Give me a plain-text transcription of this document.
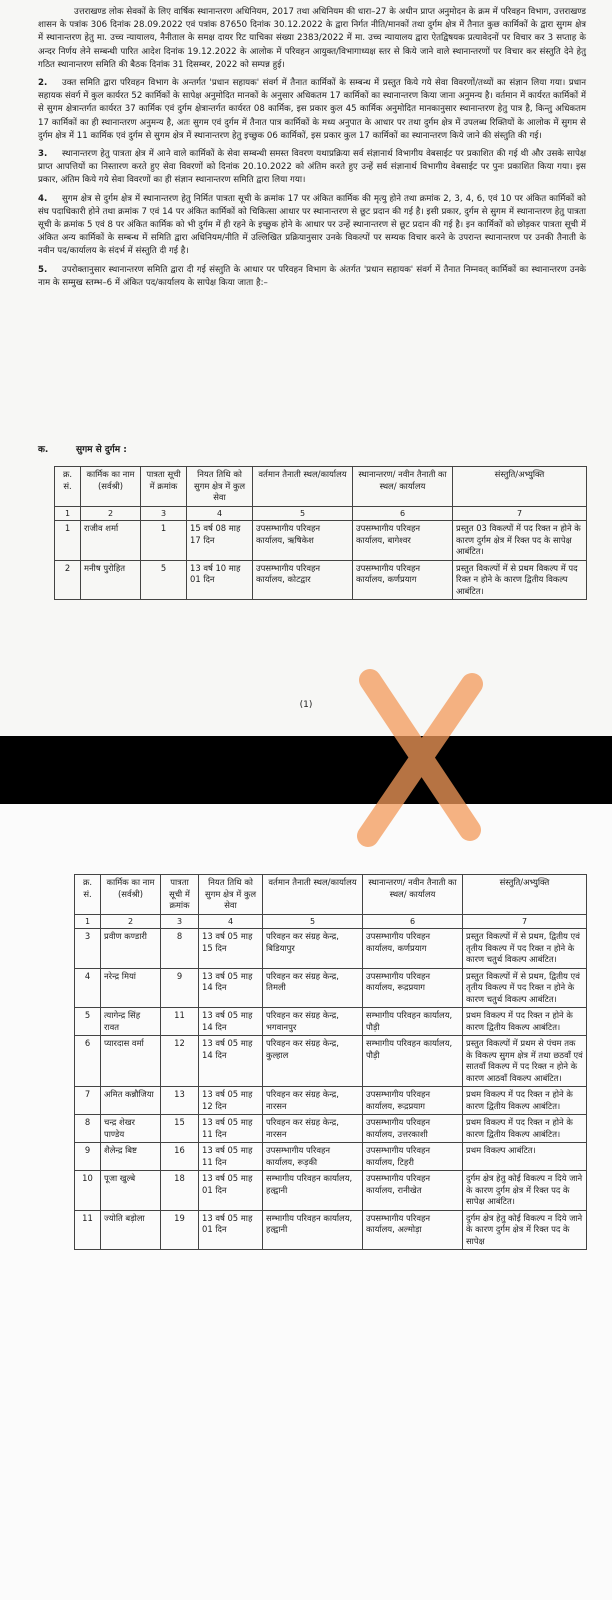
उत्तराखण्ड लोक सेवकों के लिए वार्षिक स्थानान्तरण अधिनियम, 2017 तथा अधिनियम की धारा–27 के अधीन प्राप्त अनुमोदन के क्रम में परिवहन विभाग, उत्तराखण्ड शासन के पत्रांक 306 दिनांक 28.09.2022 एवं पत्रांक 87650 दिनांक 30.12.2022 के द्वारा निर्गत नीति/मानकों तथा दुर्गम क्षेत्र में तैनात कुछ कार्मिकों के द्वारा सुगम क्षेत्र में स्थानान्तरण हेतु मा. उच्च न्यायालय, नैनीताल के समक्ष दायर रिट याचिका संख्या 2383/2022 में मा. उच्च न्यायालय द्वारा ऐतद्विषयक प्रत्यावेदनों पर विचार कर 3 सप्ताह के अन्दर निर्णय लेने सम्बन्धी पारित आदेश दिनांक 19.12.2022 के आलोक में परिवहन आयुक्त/विभागाध्यक्ष स्तर से किये जाने वाले स्थानान्तरणों पर विचार कर संस्तुति देने हेतु गठित स्थानान्तरण समिति की बैठक दिनांक 31 दिसम्बर, 2022 को सम्पन्न हुई।

2. उक्त समिति द्वारा परिवहन विभाग के अन्तर्गत 'प्रधान सहायक' संवर्ग में तैनात कार्मिकों के सम्बन्ध में प्रस्तुत किये गये सेवा विवरणों/तथ्यों का संज्ञान लिया गया। प्रधान सहायक संवर्ग में कुल कार्यरत 52 कार्मिकों के सापेक्ष अनुमोदित मानकों के अनुसार अधिकतम 17 कार्मिकों का स्थानान्तरण किया जाना अनुमन्य है। वर्तमान में कार्यरत कार्मिकों में से सुगम क्षेत्रान्तर्गत कार्यरत 37 कार्मिक एवं दुर्गम क्षेत्रान्तर्गत कार्यरत 08 कार्मिक, इस प्रकार कुल 45 कार्मिक अनुमोदित मानकानुसार स्थानान्तरण हेतु पात्र है, किन्तु अधिकतम 17 कार्मिकों का ही स्थानान्तरण अनुमन्य है, अतः सुगम एवं दुर्गम में तैनात पात्र कार्मिकों के मध्य अनुपात के आधार पर तथा दुर्गम क्षेत्र में उपलब्ध रिक्तियों के आलोक में सुगम से दुर्गम क्षेत्र में 11 कार्मिक एवं दुर्गम से सुगम क्षेत्र में स्थानान्तरण हेतु इच्छुक 06 कार्मिकों, इस प्रकार कुल 17 कार्मिकों का स्थानान्तरण किये जाने की संस्तुति की गई।

3. स्थानान्तरण हेतु पात्रता क्षेत्र में आने वाले कार्मिकों के सेवा सम्बन्धी समस्त विवरण यथाप्रक्रिया सर्व संज्ञानार्थ विभागीय वेबसाईट पर प्रकाशित की गई थी और उसके सापेक्ष प्राप्त आपत्तियों का निस्तारण करते हुए सेवा विवरणों को दिनांक 20.10.2022 को अंतिम करते हुए उन्हें सर्व संज्ञानार्थ विभागीय वेबसाईट पर पुनः प्रकाशित किया गया। इस प्रकार, अंतिम किये गये सेवा विवरणों का ही संज्ञान स्थानान्तरण समिति द्वारा लिया गया।

4. सुगम क्षेत्र से दुर्गम क्षेत्र में स्थानान्तरण हेतु निर्मित पात्रता सूची के क्रमांक 17 पर अंकित कार्मिक की मृत्यु होने तथा क्रमांक 2, 3, 4, 6, एवं 10 पर अंकित कार्मिकों को संघ पदाधिकारी होने तथा क्रमांक 7 एवं 14 पर अंकित कार्मिकों को चिकित्सा आधार पर स्थानान्तरण से छूट प्रदान की गई है। इसी प्रकार, दुर्गम से सुगम में स्थानान्तरण हेतु पात्रता सूची के क्रमांक 5 एवं 8 पर अंकित कार्मिक को भी दुर्गम में ही रहने के इच्छुक होने के आधार पर उन्हें स्थानान्तरण से छूट प्रदान की गई है। इन कार्मिकों को छोड़कर पात्रता सूची में अंकित अन्य कार्मिकों के सम्बन्ध में समिति द्वारा अधिनियम/नीति में उल्लिखित प्रक्रियानुसार उनके विकल्पों पर सम्यक विचार करने के उपरान्त स्थानान्तरण पर उनकी तैनाती के नवीन पद/कार्यालय के संदर्भ में संस्तुति दी गई है।

5. उपरोक्तानुसार स्थानान्तरण समिति द्वारा दी गई संस्तुति के आधार पर परिवहन विभाग के अंतर्गत 'प्रधान सहायक' संवर्ग में तैनात निम्नवत् कार्मिकों का स्थानान्तरण उनके नाम के सम्मुख स्तम्भ–6 में अंकित पद/कार्यालय के सापेक्ष किया जाता है:–

क.	सुगम से दुर्गम :
क्र. सं.	कार्मिक का नाम (सर्वश्री)	पात्रता सूची में क्रमांक	नियत तिथि को सुगम क्षेत्र में कुल सेवा	वर्तमान तैनाती स्थल/कार्यालय	स्थानान्तरण/ नवीन तैनाती का स्थल/ कार्यालय	संस्तुति/अभ्युक्ति
1	2	3	4	5	6	7
1	राजीव शर्मा	1	15 वर्ष 08 माह 17 दिन	उपसम्भागीय परिवहन कार्यालय, ऋषिकेश	उपसम्भागीय परिवहन कार्यालय, बागेश्वर	प्रस्तुत 03 विकल्पों में पद रिक्त न होने के कारण दुर्गम क्षेत्र में रिक्त पद के सापेक्ष आबंटित।
2	मनीष पुरोहित	5	13 वर्ष 10 माह 01 दिन	उपसम्भागीय परिवहन कार्यालय, कोटद्वार	उपसम्भागीय परिवहन कार्यालय, कर्णप्रयाग	प्रस्तुत विकल्पों में से प्रथम विकल्प में पद रिक्त न होने के कारण द्वितीय विकल्प आबंटित।
(1)
क्र. सं.	कार्मिक का नाम (सर्वश्री)	पात्रता सूची में क्रमांक	नियत तिथि को सुगम क्षेत्र में कुल सेवा	वर्तमान तैनाती स्थल/कार्यालय	स्थानान्तरण/ नवीन तैनाती का स्थल/ कार्यालय	संस्तुति/अभ्युक्ति
1	2	3	4	5	6	7
3	प्रवीण कण्डारी	8	13 वर्ष 05 माह 15 दिन	परिवहन कर संग्रह केन्द्र, बिडियापुर	उपसम्भागीय परिवहन कार्यालय, कर्णप्रयाग	प्रस्तुत विकल्पों में से प्रथम, द्वितीय एवं तृतीय विकल्प में पद रिक्त न होने के कारण चतुर्थ विकल्प आबंटित।
4	नरेन्द्र मियां	9	13 वर्ष 05 माह 14 दिन	परिवहन कर संग्रह केन्द्र, तिमली	उपसम्भागीय परिवहन कार्यालय, रूद्रप्रयाग	प्रस्तुत विकल्पों में से प्रथम, द्वितीय एवं तृतीय विकल्प में पद रिक्त न होने के कारण चतुर्थ विकल्प आबंटित।
5	त्यागेन्द्र सिंह रावत	11	13 वर्ष 05 माह 14 दिन	परिवहन कर संग्रह केन्द्र, भगवानपुर	सम्भागीय परिवहन कार्यालय, पौड़ी	प्रथम विकल्प में पद रिक्त न होने के कारण द्वितीय विकल्प आबंटित।
6	प्यारदास वर्मा	12	13 वर्ष 05 माह 14 दिन	परिवहन कर संग्रह केन्द्र, कुल्हाल	सम्भागीय परिवहन कार्यालय, पौड़ी	प्रस्तुत विकल्पों में प्रथम से पंचम तक के विकल्प सुगम क्षेत्र में तथा छठवाँ एवं सातवाँ विकल्प में पद रिक्त न होने के कारण आठवाँ विकल्प आबंटित।
7	अमित कन्नौजिया	13	13 वर्ष 05 माह 12 दिन	परिवहन कर संग्रह केन्द्र, नारसन	उपसम्भागीय परिवहन कार्यालय, रूद्रप्रयाग	प्रथम विकल्प में पद रिक्त न होने के कारण द्वितीय विकल्प आबंटित।
8	चन्द्र शेखर पाण्डेय	15	13 वर्ष 05 माह 11 दिन	परिवहन कर संग्रह केन्द्र, नारसन	उपसम्भागीय परिवहन कार्यालय, उत्तरकाशी	प्रथम विकल्प में पद रिक्त न होने के कारण द्वितीय विकल्प आबंटित।
9	शैलेन्द्र बिष्ट	16	13 वर्ष 05 माह 11 दिन	उपसम्भागीय परिवहन कार्यालय, रूड़की	उपसम्भागीय परिवहन कार्यालय, टिहरी	प्रथम विकल्प आबंटित।
10	पूजा खुल्बे	18	13 वर्ष 05 माह 01 दिन	सम्भागीय परिवहन कार्यालय, हल्द्वानी	उपसम्भागीय परिवहन कार्यालय, रानीखेत	दुर्गम क्षेत्र हेतु कोई विकल्प न दिये जाने के कारण दुर्गम क्षेत्र में रिक्त पद के सापेक्ष आबंटित।
11	ज्योति बड़ोला	19	13 वर्ष 05 माह 01 दिन	सम्भागीय परिवहन कार्यालय, हल्द्वानी	उपसम्भागीय परिवहन कार्यालय, अल्मोड़ा	दुर्गम क्षेत्र हेतु कोई विकल्प न दिये जाने के कारण दुर्गम क्षेत्र में रिक्त पद के सापेक्ष
